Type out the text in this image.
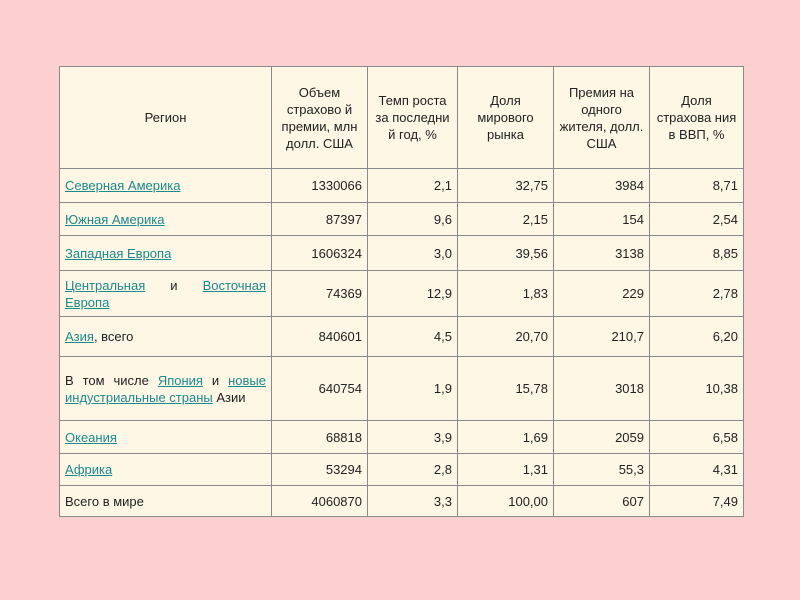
Регион	Объем страхово й премии, млн долл. США	Темп роста за последни й год, %	Доля мирового рынка	Премия на одного жителя, долл. США	Доля страхова ния в ВВП, %
Северная Америка	1330066	2,1	32,75	3984	8,71
Южная Америка	87397	9,6	2,15	154	2,54
Западная Европа	1606324	3,0	39,56	3138	8,85
Центральная и Восточная Европа	74369	12,9	1,83	229	2,78
Азия, всего	840601	4,5	20,70	210,7	6,20
В том числе Япония и новые индустриальные страны Азии	640754	1,9	15,78	3018	10,38
Океания	68818	3,9	1,69	2059	6,58
Африка	53294	2,8	1,31	55,3	4,31
Всего в мире	4060870	3,3	100,00	607	7,49
